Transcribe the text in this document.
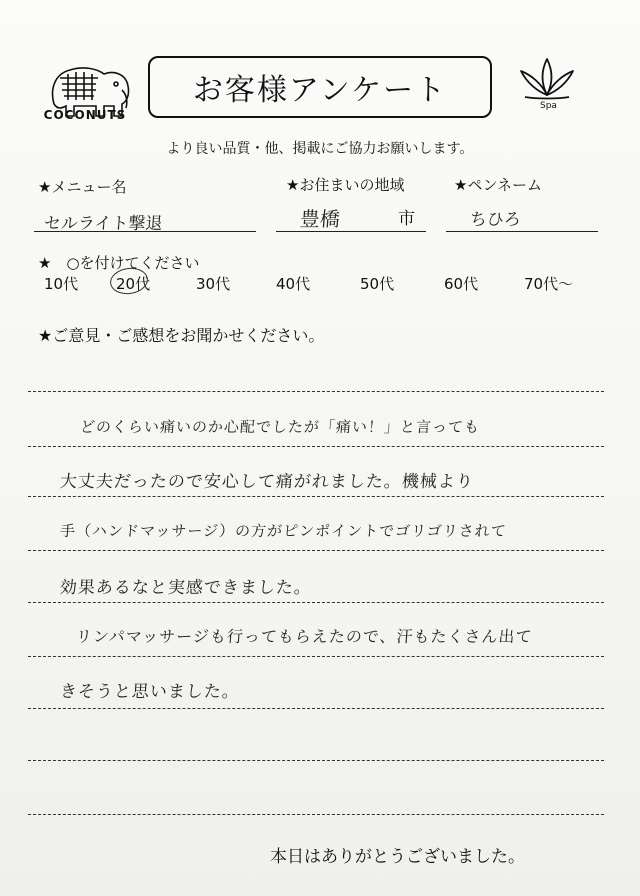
COCONUTS
お客様アンケート	Spa
より良い品質・他、掲載にご協力お願いします。
★メニュー名	★お住まいの地域	★ペンネーム
セルライト撃退	豊橋	市	ちひろ
★　○を付けてください
10代	20代	30代	40代	50代	60代	70代～
★ご意見・ご感想をお聞かせください。
どのくらい痛いのか心配でしたが「痛い！」と言っても
大丈夫だったので安心して痛がれました。機械より
手（ハンドマッサージ）の方がピンポイントでゴリゴリされて
効果あるなと実感できました。
リンパマッサージも行ってもらえたので、汗もたくさん出て
きそうと思いました。
本日はありがとうございました。
